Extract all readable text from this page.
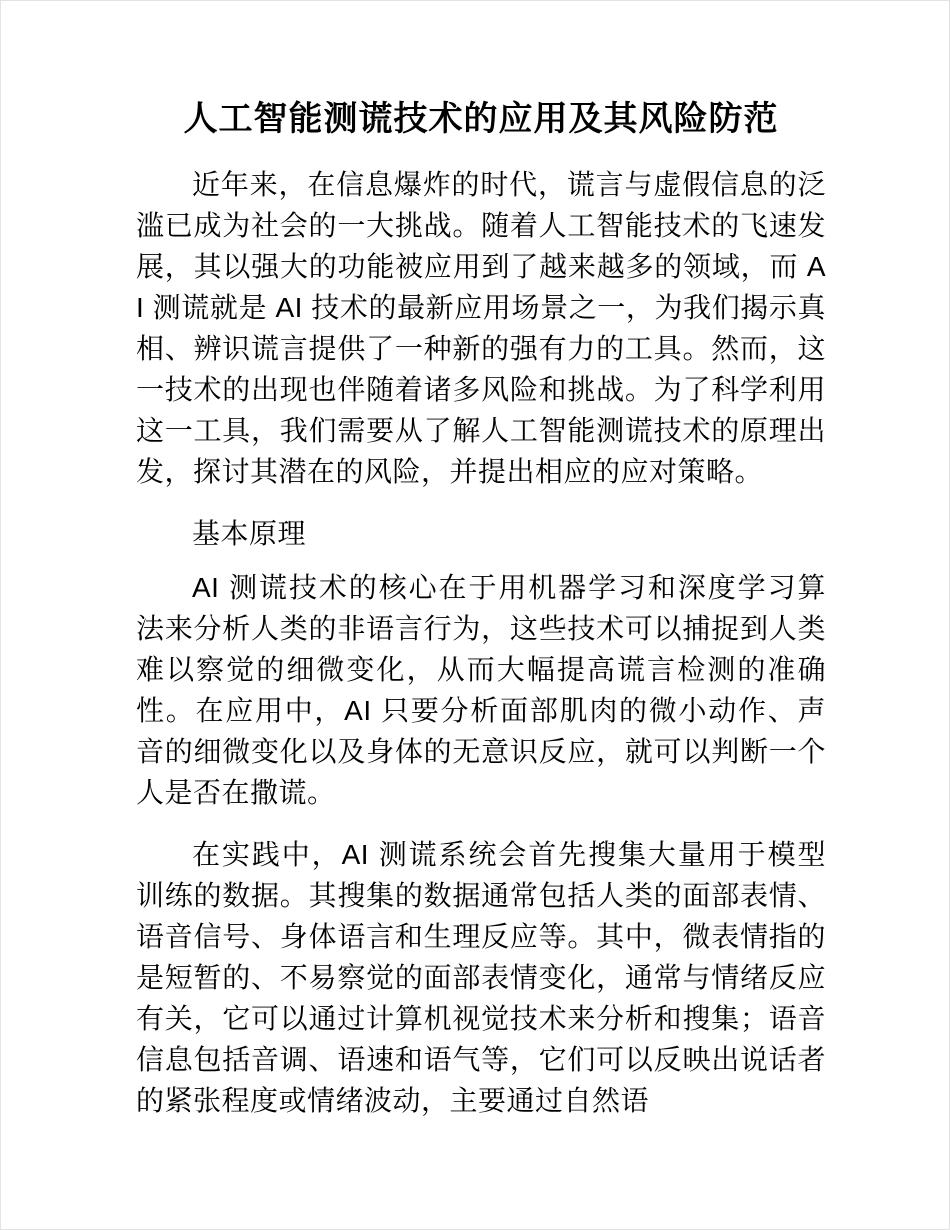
人工智能测谎技术的应用及其风险防范

近年来，在信息爆炸的时代，谎言与虚假信息的泛滥已成为社会的一大挑战。随着人工智能技术的飞速发展，其以强大的功能被应用到了越来越多的领域，而 AI 测谎就是 AI 技术的最新应用场景之一，为我们揭示真相、辨识谎言提供了一种新的强有力的工具。然而，这一技术的出现也伴随着诸多风险和挑战。为了科学利用这一工具，我们需要从了解人工智能测谎技术的原理出发，探讨其潜在的风险，并提出相应的应对策略。

基本原理

AI 测谎技术的核心在于用机器学习和深度学习算法来分析人类的非语言行为，这些技术可以捕捉到人类难以察觉的细微变化，从而大幅提高谎言检测的准确性。在应用中，AI 只要分析面部肌肉的微小动作、声音的细微变化以及身体的无意识反应，就可以判断一个人是否在撒谎。

在实践中，AI 测谎系统会首先搜集大量用于模型训练的数据。其搜集的数据通常包括人类的面部表情、语音信号、身体语言和生理反应等。其中，微表情指的是短暂的、不易察觉的面部表情变化，通常与情绪反应有关，它可以通过计算机视觉技术来分析和搜集；语音信息包括音调、语速和语气等，它们可以反映出说话者的紧张程度或情绪波动，主要通过自然语
